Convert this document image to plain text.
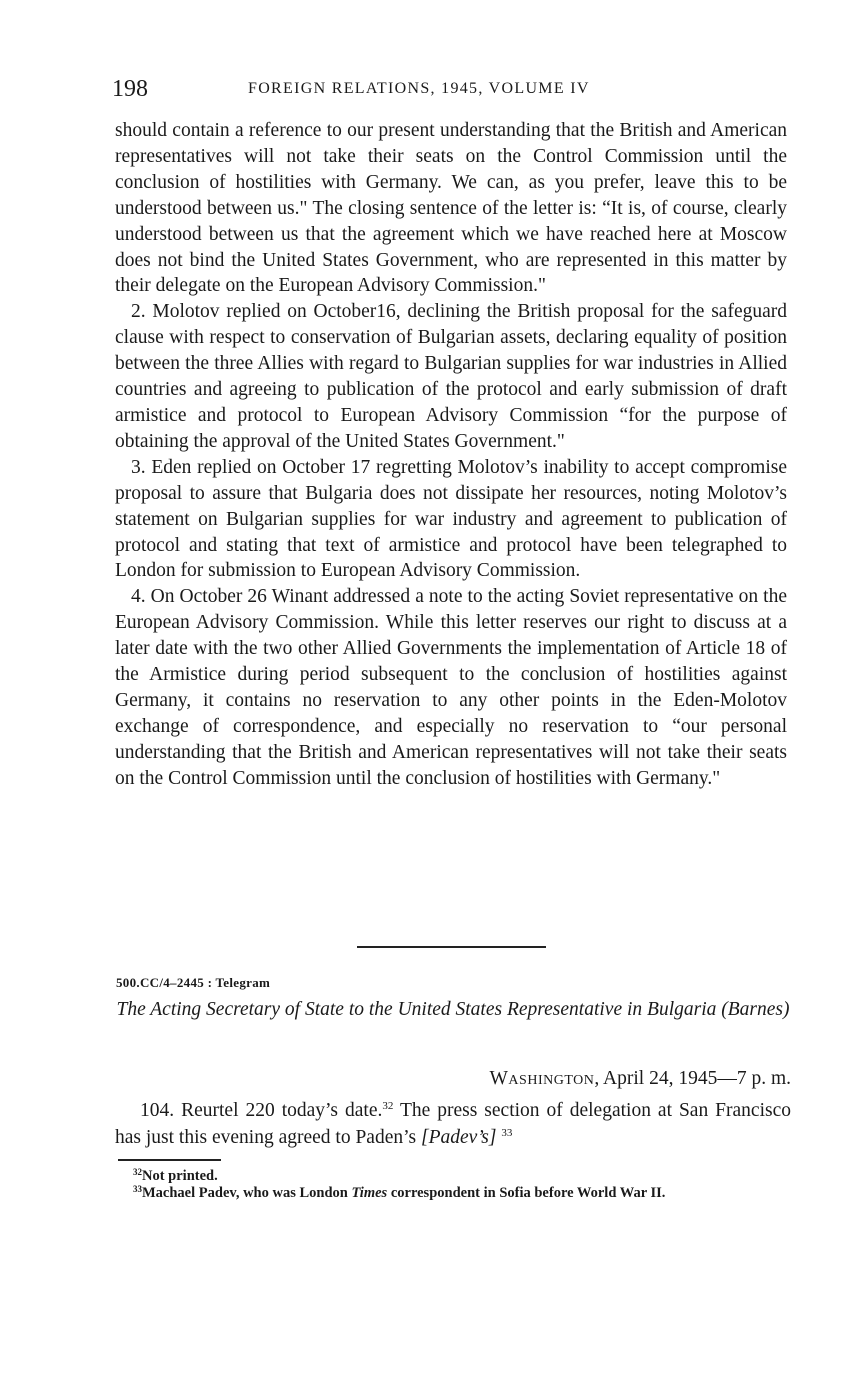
198	FOREIGN RELATIONS, 1945, VOLUME IV

should contain a reference to our present understanding that the British and American representatives will not take their seats on the Control Commission until the conclusion of hostilities with Germany. We can, as you prefer, leave this to be understood between us." The closing sentence of the letter is: “It is, of course, clearly understood between us that the agreement which we have reached here at Moscow does not bind the United States Government, who are represented in this matter by their delegate on the European Advisory Commission."

2. Molotov replied on October16, declining the British proposal for the safeguard clause with respect to conservation of Bulgarian assets, declaring equality of position between the three Allies with regard to Bulgarian supplies for war industries in Allied countries and agreeing to publication of the protocol and early submission of draft armistice and protocol to European Advisory Commission “for the purpose of obtaining the approval of the United States Government."

3. Eden replied on October 17 regretting Molotov’s inability to accept compromise proposal to assure that Bulgaria does not dissipate her resources, noting Molotov’s statement on Bulgarian supplies for war industry and agreement to publication of protocol and stating that text of armistice and protocol have been telegraphed to London for submission to European Advisory Commission.

4. On October 26 Winant addressed a note to the acting Soviet representative on the European Advisory Commission. While this letter reserves our right to discuss at a later date with the two other Allied Governments the implementation of Article 18 of the Armistice during period subsequent to the conclusion of hostilities against Germany, it contains no reservation to any other points in the Eden-Molotov exchange of correspondence, and especially no reservation to “our personal understanding that the British and American representatives will not take their seats on the Control Commission until the conclusion of hostilities with Germany."

500.CC/4–2445 : Telegram
The Acting Secretary of State to the United States Representative in Bulgaria (Barnes)
Washington, April 24, 1945—7 p. m.

104. Reurtel 220 today’s date.$^{32}$ The press section of delegation at San Francisco has just this evening agreed to Paden’s [Padev’s] $^{33}$

$^{32}$Not printed.

$^{33}$Machael Padev, who was London Times correspondent in Sofia before World War II.
